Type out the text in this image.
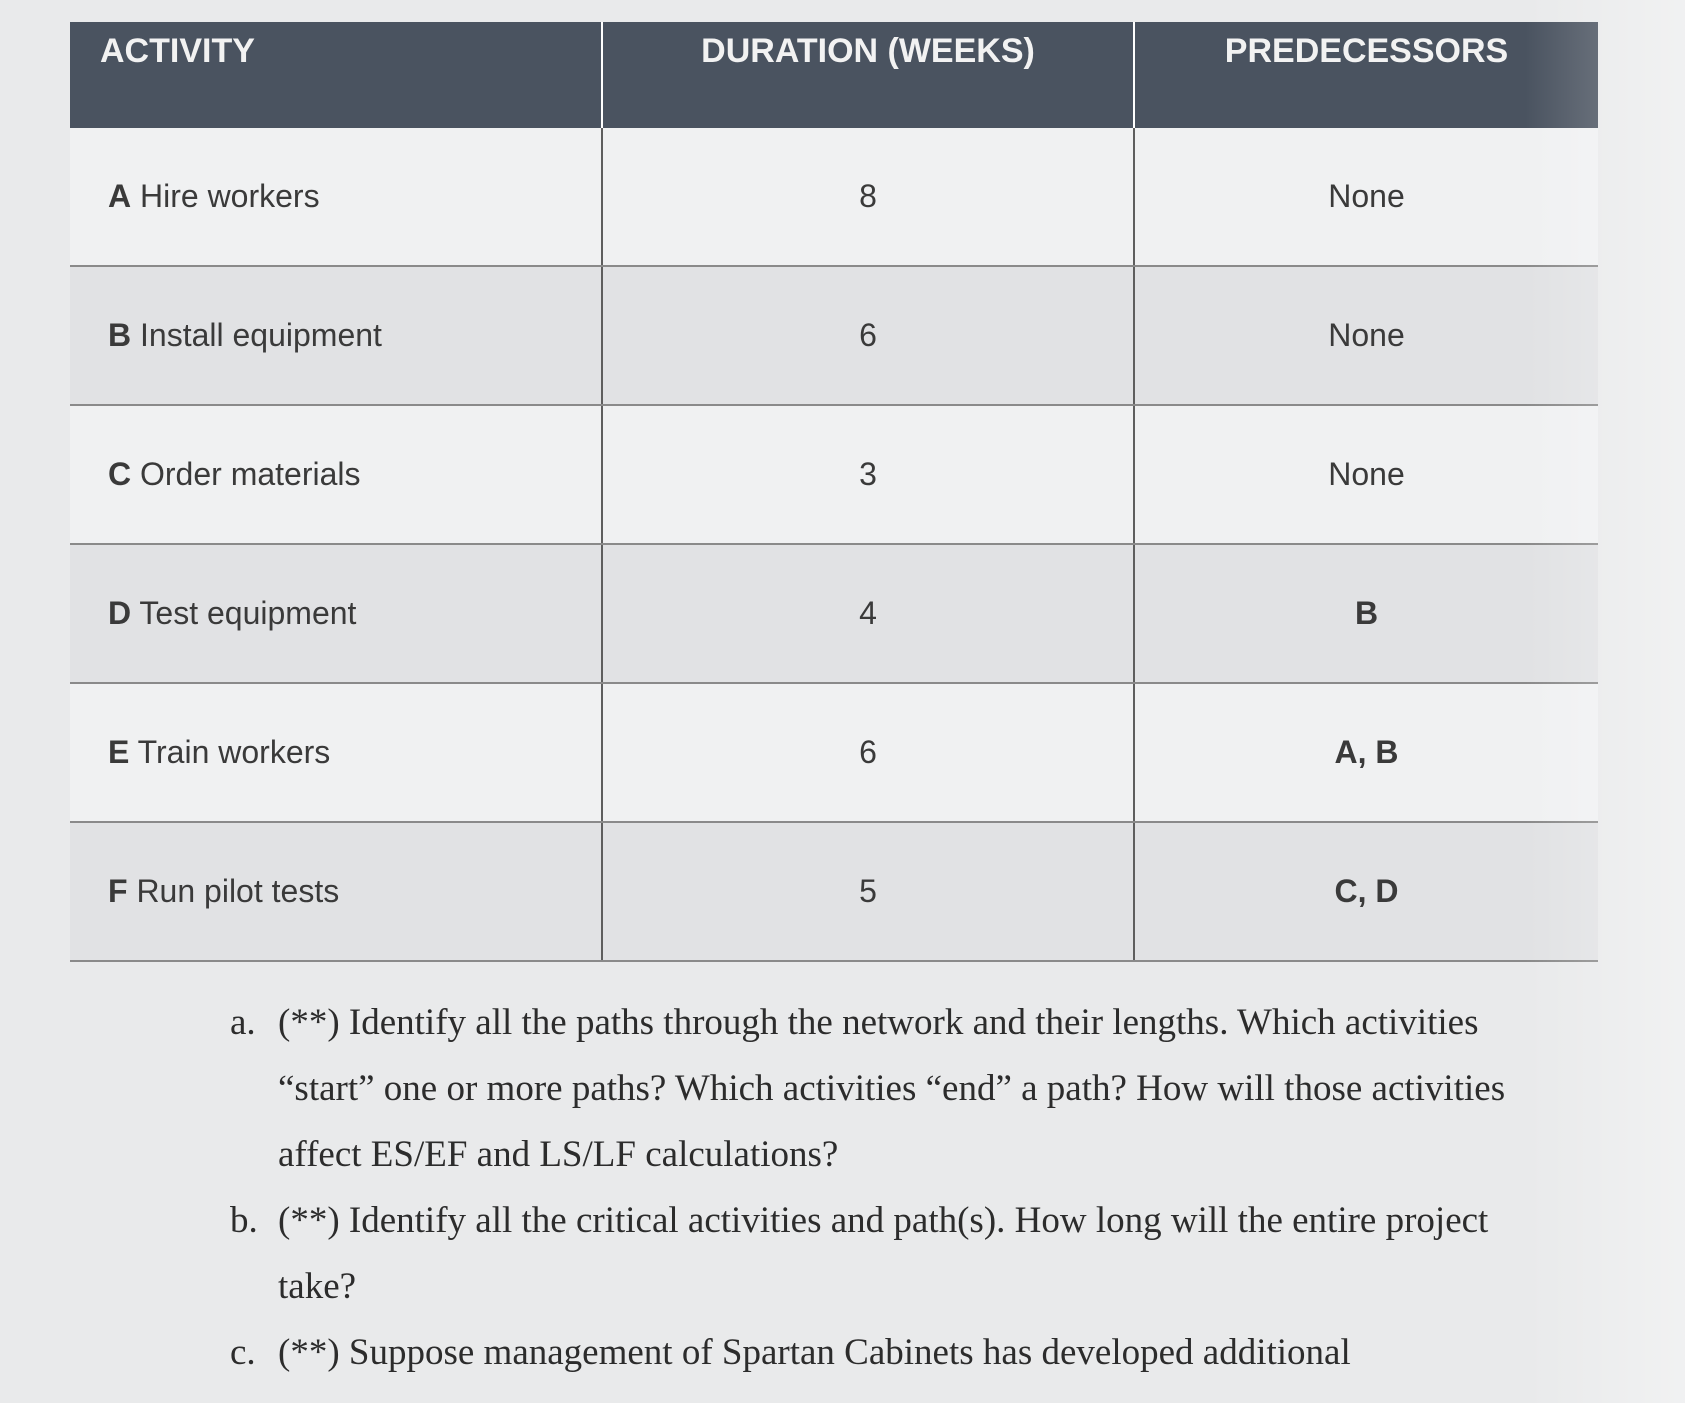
ACTIVITY	DURATION (WEEKS)	PREDECESSORS
A Hire workers	8	None
B Install equipment	6	None
C Order materials	3	None
D Test equipment	4	B
E Train workers	6	A, B
F Run pilot tests	5	C, D
a. (**) Identify all the paths through the network and their lengths. Which activities “start” one or more paths? Which activities “end” a path? How will those activities affect ES/EF and LS/LF calculations?
b. (**) Identify all the critical activities and path(s). How long will the entire project take?
c. (**) Suppose management of Spartan Cabinets has developed additional
